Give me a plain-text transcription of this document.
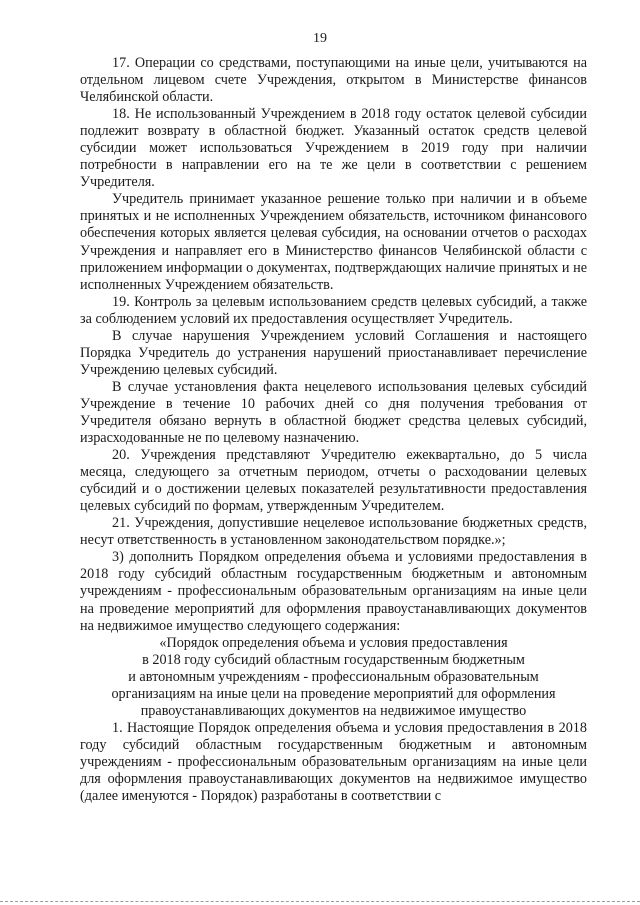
19

17. Операции со средствами, поступающими на иные цели, учитываются на отдельном лицевом счете Учреждения, открытом в Министерстве финансов Челябинской области.

18. Не использованный Учреждением в 2018 году остаток целевой субсидии подлежит возврату в областной бюджет. Указанный остаток средств целевой субсидии может использоваться Учреждением в 2019 году при наличии потребности в направлении его на те же цели в соответствии с решением Учредителя.

Учредитель принимает указанное решение только при наличии и в объеме принятых и не исполненных Учреждением обязательств, источником финансового обеспечения которых является целевая субсидия, на основании отчетов о расходах Учреждения и направляет его в Министерство финансов Челябинской области с приложением информации о документах, подтверждающих наличие принятых и не исполненных Учреждением обязательств.

19. Контроль за целевым использованием средств целевых субсидий, а также за соблюдением условий их предоставления осуществляет Учредитель.

В случае нарушения Учреждением условий Соглашения и настоящего Порядка Учредитель до устранения нарушений приостанавливает перечисление Учреждению целевых субсидий.

В случае установления факта нецелевого использования целевых субсидий Учреждение в течение 10 рабочих дней со дня получения требования от Учредителя обязано вернуть в областной бюджет средства целевых субсидий, израсходованные не по целевому назначению.

20. Учреждения представляют Учредителю ежеквартально, до 5 числа месяца, следующего за отчетным периодом, отчеты о расходовании целевых субсидий и о достижении целевых показателей результативности предоставления целевых субсидий по формам, утвержденным Учредителем.

21. Учреждения, допустившие нецелевое использование бюджетных средств, несут ответственность в установленном законодательством порядке.»;

3) дополнить Порядком определения объема и условиями предоставления в 2018 году субсидий областным государственным бюджетным и автономным учреждениям - профессиональным образовательным организациям на иные цели на проведение мероприятий для оформления правоустанавливающих документов на недвижимое имущество следующего содержания:

«Порядок определения объема и условия предоставления

в 2018 году субсидий областным государственным бюджетным

и автономным учреждениям - профессиональным образовательным

организациям на иные цели на проведение мероприятий для оформления

правоустанавливающих документов на недвижимое имущество

1. Настоящие Порядок определения объема и условия предоставления в 2018 году субсидий областным государственным бюджетным и автономным учреждениям - профессиональным образовательным организациям на иные цели для оформления правоустанавливающих документов на недвижимое имущество (далее именуются - Порядок) разработаны в соответствии с
